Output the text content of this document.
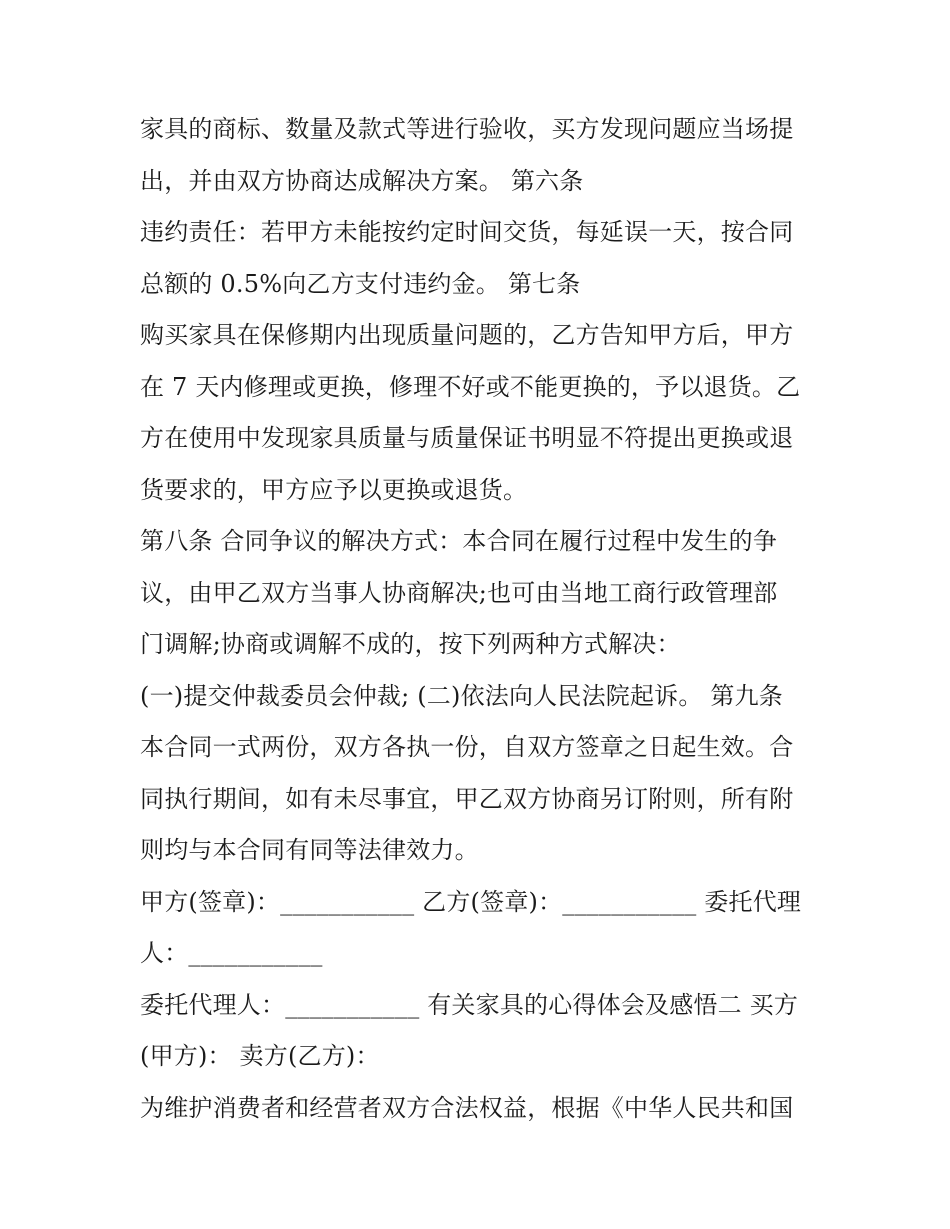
家具的商标、数量及款式等进行验收，买方发现问题应当场提
出，并由双方协商达成解决方案。 第六条
违约责任：若甲方未能按约定时间交货，每延误一天，按合同
总额的 0.5%向乙方支付违约金。 第七条
购买家具在保修期内出现质量问题的，乙方告知甲方后，甲方
在 7 天内修理或更换，修理不好或不能更换的，予以退货。乙
方在使用中发现家具质量与质量保证书明显不符提出更换或退
货要求的，甲方应予以更换或退货。
第八条 合同争议的解决方式：本合同在履行过程中发生的争
议，由甲乙双方当事人协商解决;也可由当地工商行政管理部
门调解;协商或调解不成的，按下列两种方式解决：
(一)提交仲裁委员会仲裁; (二)依法向人民法院起诉。 第九条
本合同一式两份，双方各执一份，自双方签章之日起生效。合
同执行期间，如有未尽事宜，甲乙双方协商另订附则，所有附
则均与本合同有同等法律效力。
甲方(签章)：___________ 乙方(签章)：___________ 委托代理
人：___________
委托代理人：___________ 有关家具的心得体会及感悟二 买方
(甲方)： 卖方(乙方)：
为维护消费者和经营者双方合法权益，根据《中华人民共和国
